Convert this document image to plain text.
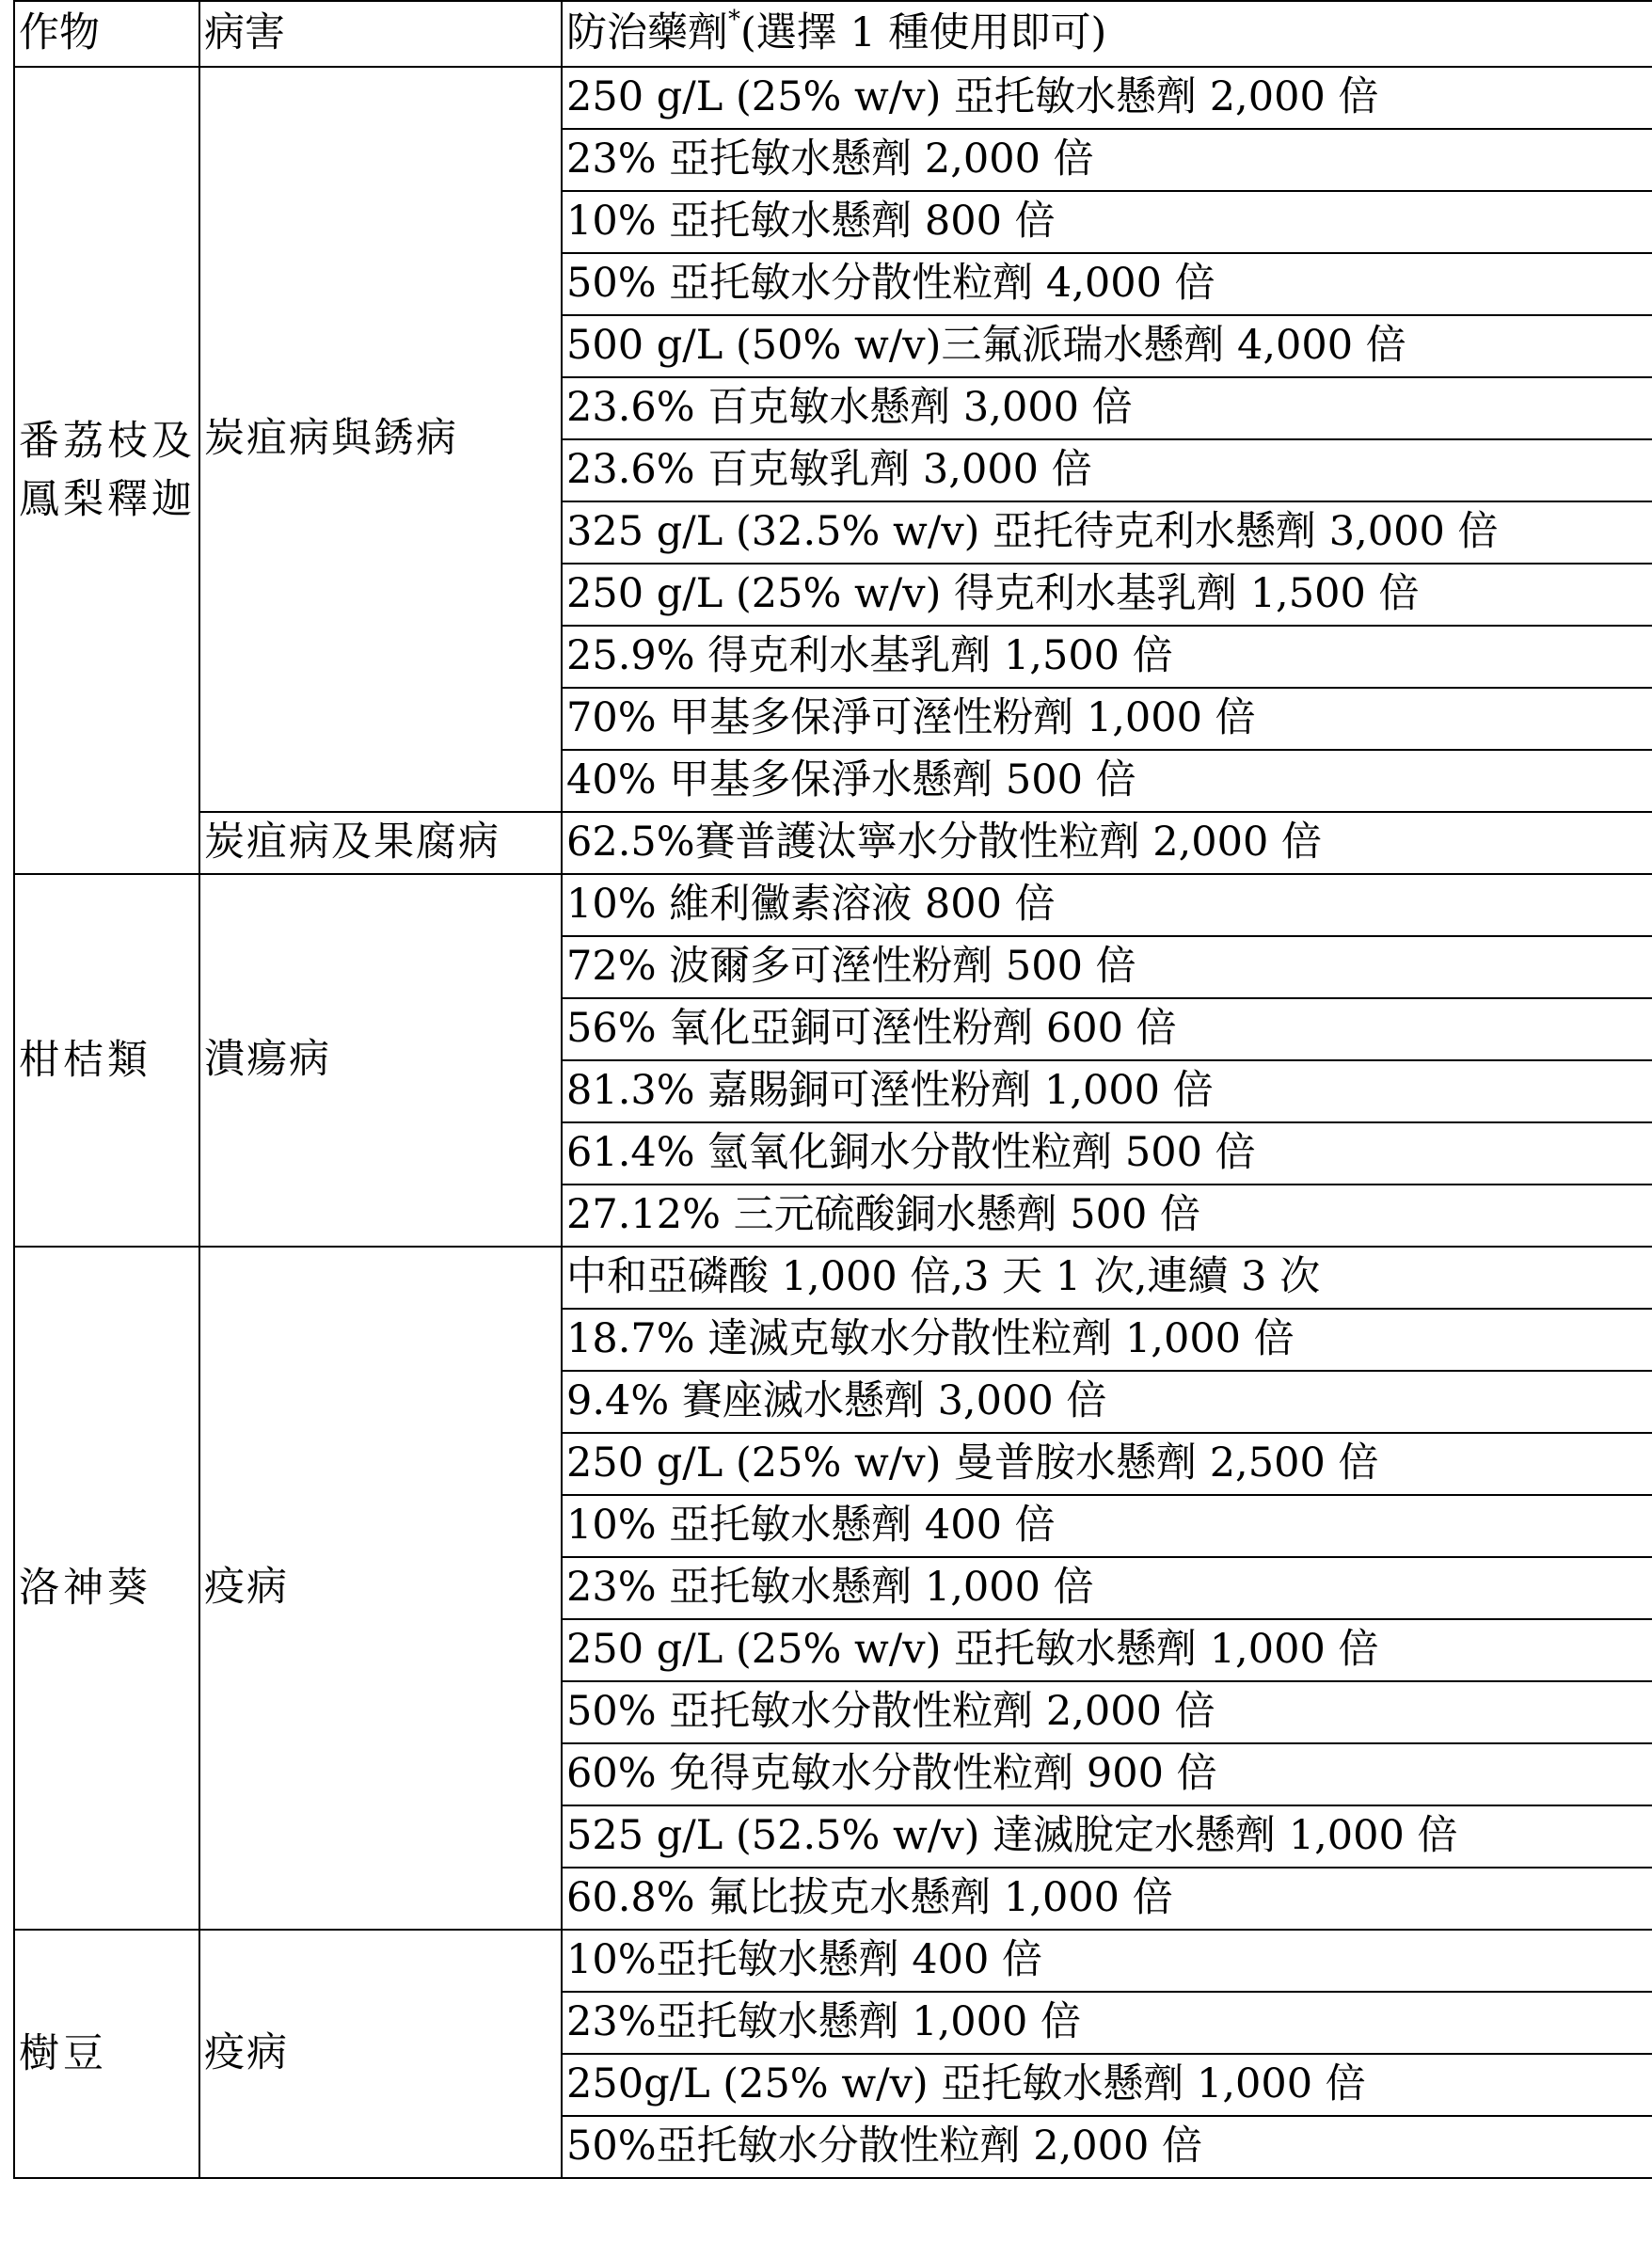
作物	病害	防治藥劑*(選擇 1 種使用即可)
番荔枝及鳳梨釋迦	炭疽病與銹病	250 g/L (25% w/v) 亞托敏水懸劑 2,000 倍
		23% 亞托敏水懸劑 2,000 倍
		10% 亞托敏水懸劑 800 倍
		50% 亞托敏水分散性粒劑 4,000 倍
		500 g/L (50% w/v)三氟派瑞水懸劑 4,000 倍
		23.6% 百克敏水懸劑 3,000 倍
		23.6% 百克敏乳劑 3,000 倍
		325 g/L (32.5% w/v) 亞托待克利水懸劑 3,000 倍
		250 g/L (25% w/v) 得克利水基乳劑 1,500 倍
		25.9% 得克利水基乳劑 1,500 倍
		70% 甲基多保淨可溼性粉劑 1,000 倍
		40% 甲基多保淨水懸劑 500 倍
	炭疽病及果腐病	62.5%賽普護汰寧水分散性粒劑 2,000 倍
柑桔類	潰瘍病	10% 維利黴素溶液 800 倍
		72% 波爾多可溼性粉劑 500 倍
		56% 氧化亞銅可溼性粉劑 600 倍
		81.3% 嘉賜銅可溼性粉劑 1,000 倍
		61.4% 氫氧化銅水分散性粒劑 500 倍
		27.12% 三元硫酸銅水懸劑 500 倍
洛神葵	疫病	中和亞磷酸 1,000 倍,3 天 1 次,連續 3 次
		18.7% 達滅克敏水分散性粒劑 1,000 倍
		9.4% 賽座滅水懸劑 3,000 倍
		250 g/L (25% w/v) 曼普胺水懸劑 2,500 倍
		10% 亞托敏水懸劑 400 倍
		23% 亞托敏水懸劑 1,000 倍
		250 g/L (25% w/v) 亞托敏水懸劑 1,000 倍
		50% 亞托敏水分散性粒劑 2,000 倍
		60% 免得克敏水分散性粒劑 900 倍
		525 g/L (52.5% w/v) 達滅脫定水懸劑 1,000 倍
		60.8% 氟比拔克水懸劑 1,000 倍
樹豆	疫病	10%亞托敏水懸劑 400 倍
		23%亞托敏水懸劑 1,000 倍
		250g/L (25% w/v) 亞托敏水懸劑 1,000 倍
		50%亞托敏水分散性粒劑 2,000 倍
